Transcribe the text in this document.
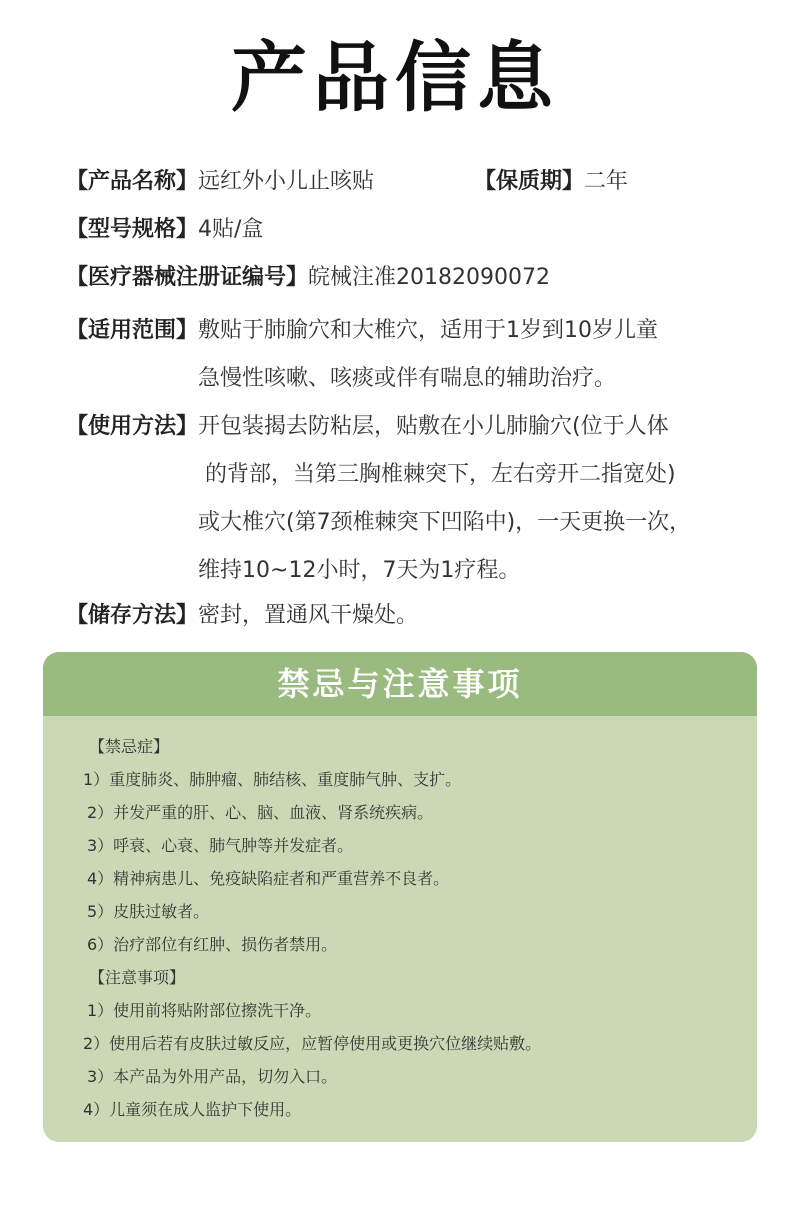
产品信息
【产品名称】 远红外小儿止咳贴	【保质期】 二年
【型号规格】 4贴/盒
【医疗器械注册证编号】 皖械注准20182090072
【适用范围】 敷贴于肺腧穴和大椎穴，适用于1岁到10岁儿童
急慢性咳嗽、咳痰或伴有喘息的辅助治疗。
【使用方法】 开包装揭去防粘层，贴敷在小儿肺腧穴(位于人体
的背部，当第三胸椎棘突下，左右旁开二指宽处)
或大椎穴(第7颈椎棘突下凹陷中)，一天更换一次，
维持10~12小时，7天为1疗程。
【储存方法】 密封，置通风干燥处。
禁忌与注意事项
【禁忌症】
1）重度肺炎、肺肿瘤、肺结核、重度肺气肿、支扩。
2）并发严重的肝、心、脑、血液、肾系统疾病。
3）呼衰、心衰、肺气肿等并发症者。
4）精神病患儿、免疫缺陷症者和严重营养不良者。
5）皮肤过敏者。
6）治疗部位有红肿、损伤者禁用。
【注意事项】
1）使用前将贴附部位擦洗干净。
2）使用后若有皮肤过敏反应，应暂停使用或更换穴位继续贴敷。
3）本产品为外用产品，切勿入口。
4）儿童须在成人监护下使用。
